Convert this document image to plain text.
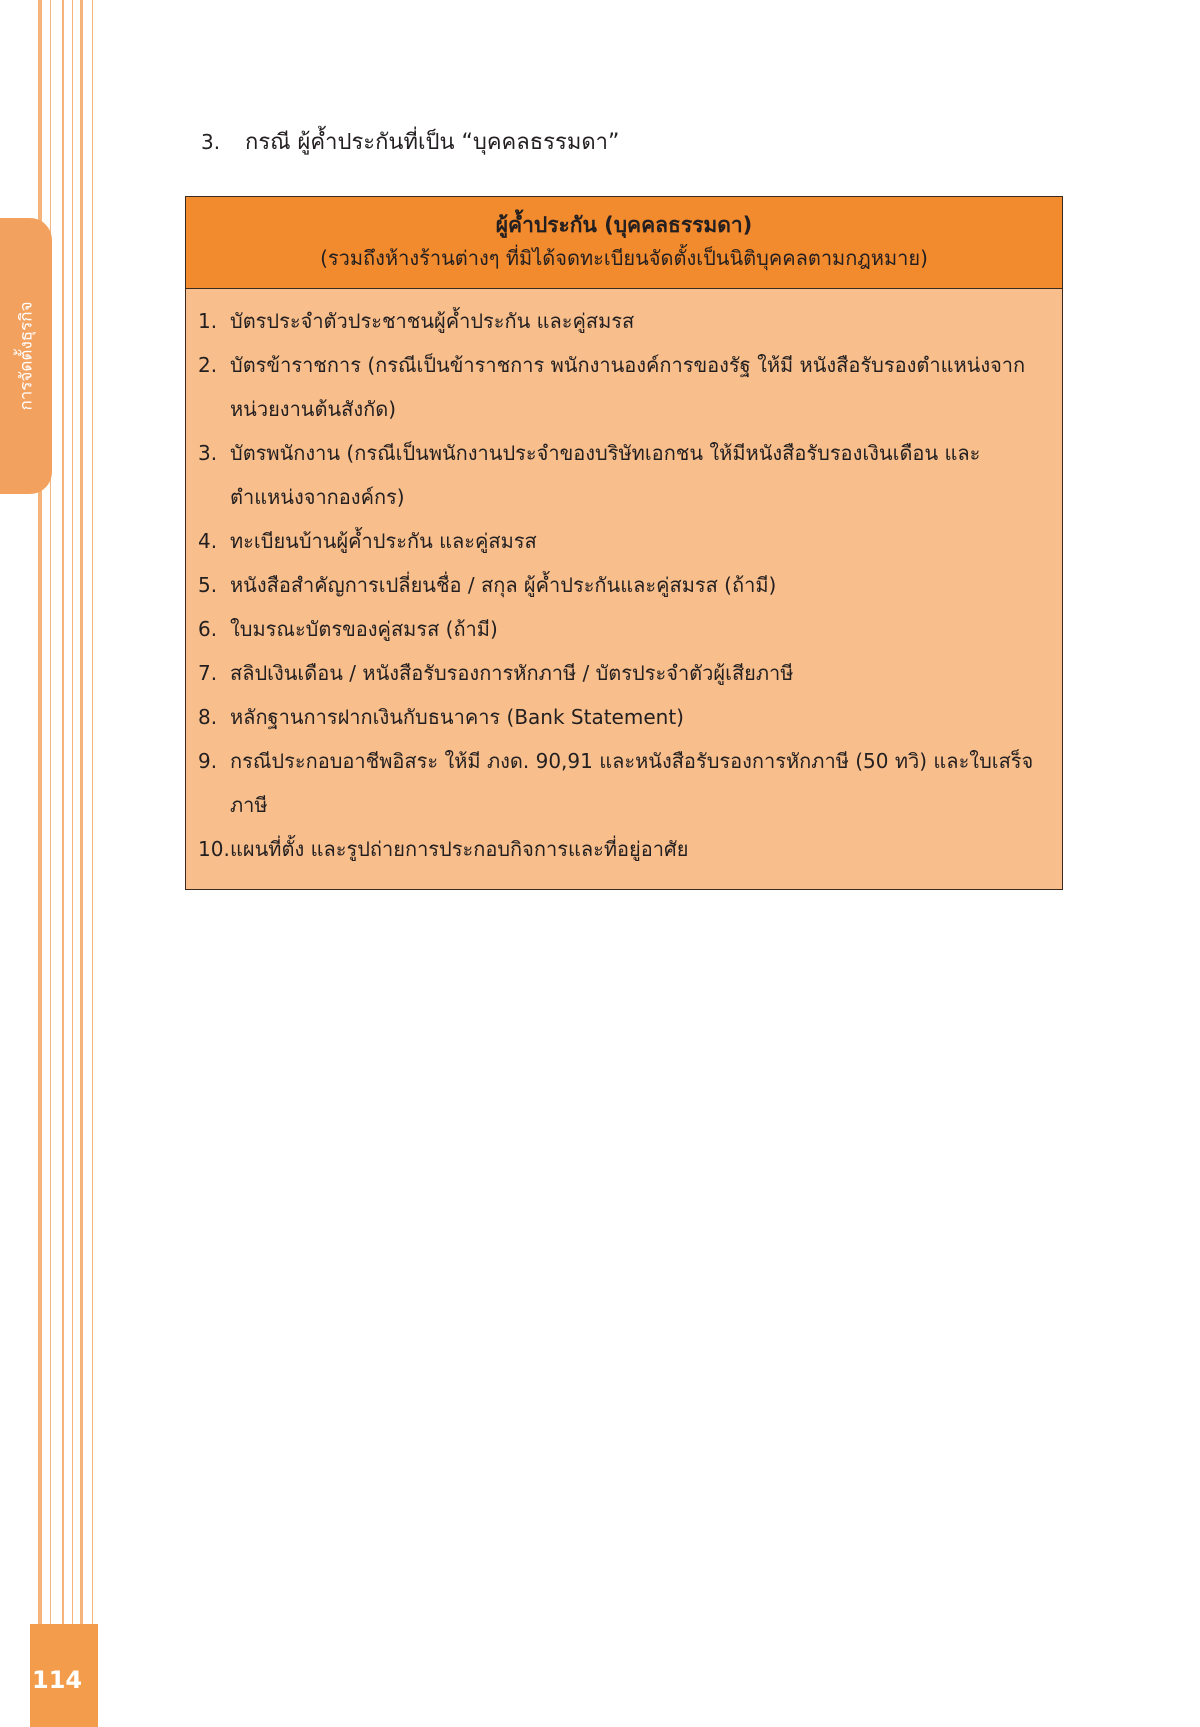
การจัดตั้งธุรกิจ
114
3. กรณี ผู้ค้ำประกันที่เป็น “บุคคลธรรมดา”
ผู้ค้ำประกัน (บุคคลธรรมดา)
(รวมถึงห้างร้านต่างๆ ที่มิได้จดทะเบียนจัดตั้งเป็นนิติบุคคลตามกฎหมาย)
1. บัตรประจำตัวประชาชนผู้ค้ำประกัน และคู่สมรส
2. บัตรข้าราชการ (กรณีเป็นข้าราชการ พนักงานองค์การของรัฐ ให้มี หนังสือรับรองตำแหน่งจากหน่วยงานต้นสังกัด)
3. บัตรพนักงาน (กรณีเป็นพนักงานประจำของบริษัทเอกชน ให้มีหนังสือรับรองเงินเดือน และตำแหน่งจากองค์กร)
4. ทะเบียนบ้านผู้ค้ำประกัน และคู่สมรส
5. หนังสือสำคัญการเปลี่ยนชื่อ / สกุล ผู้ค้ำประกันและคู่สมรส (ถ้ามี)
6. ใบมรณะบัตรของคู่สมรส (ถ้ามี)
7. สลิปเงินเดือน / หนังสือรับรองการหักภาษี / บัตรประจำตัวผู้เสียภาษี
8. หลักฐานการฝากเงินกับธนาคาร (Bank Statement)
9. กรณีประกอบอาชีพอิสระ ให้มี ภงด. 90,91 และหนังสือรับรองการหักภาษี (50 ทวิ) และใบเสร็จภาษี
10. แผนที่ตั้ง และรูปถ่ายการประกอบกิจการและที่อยู่อาศัย
